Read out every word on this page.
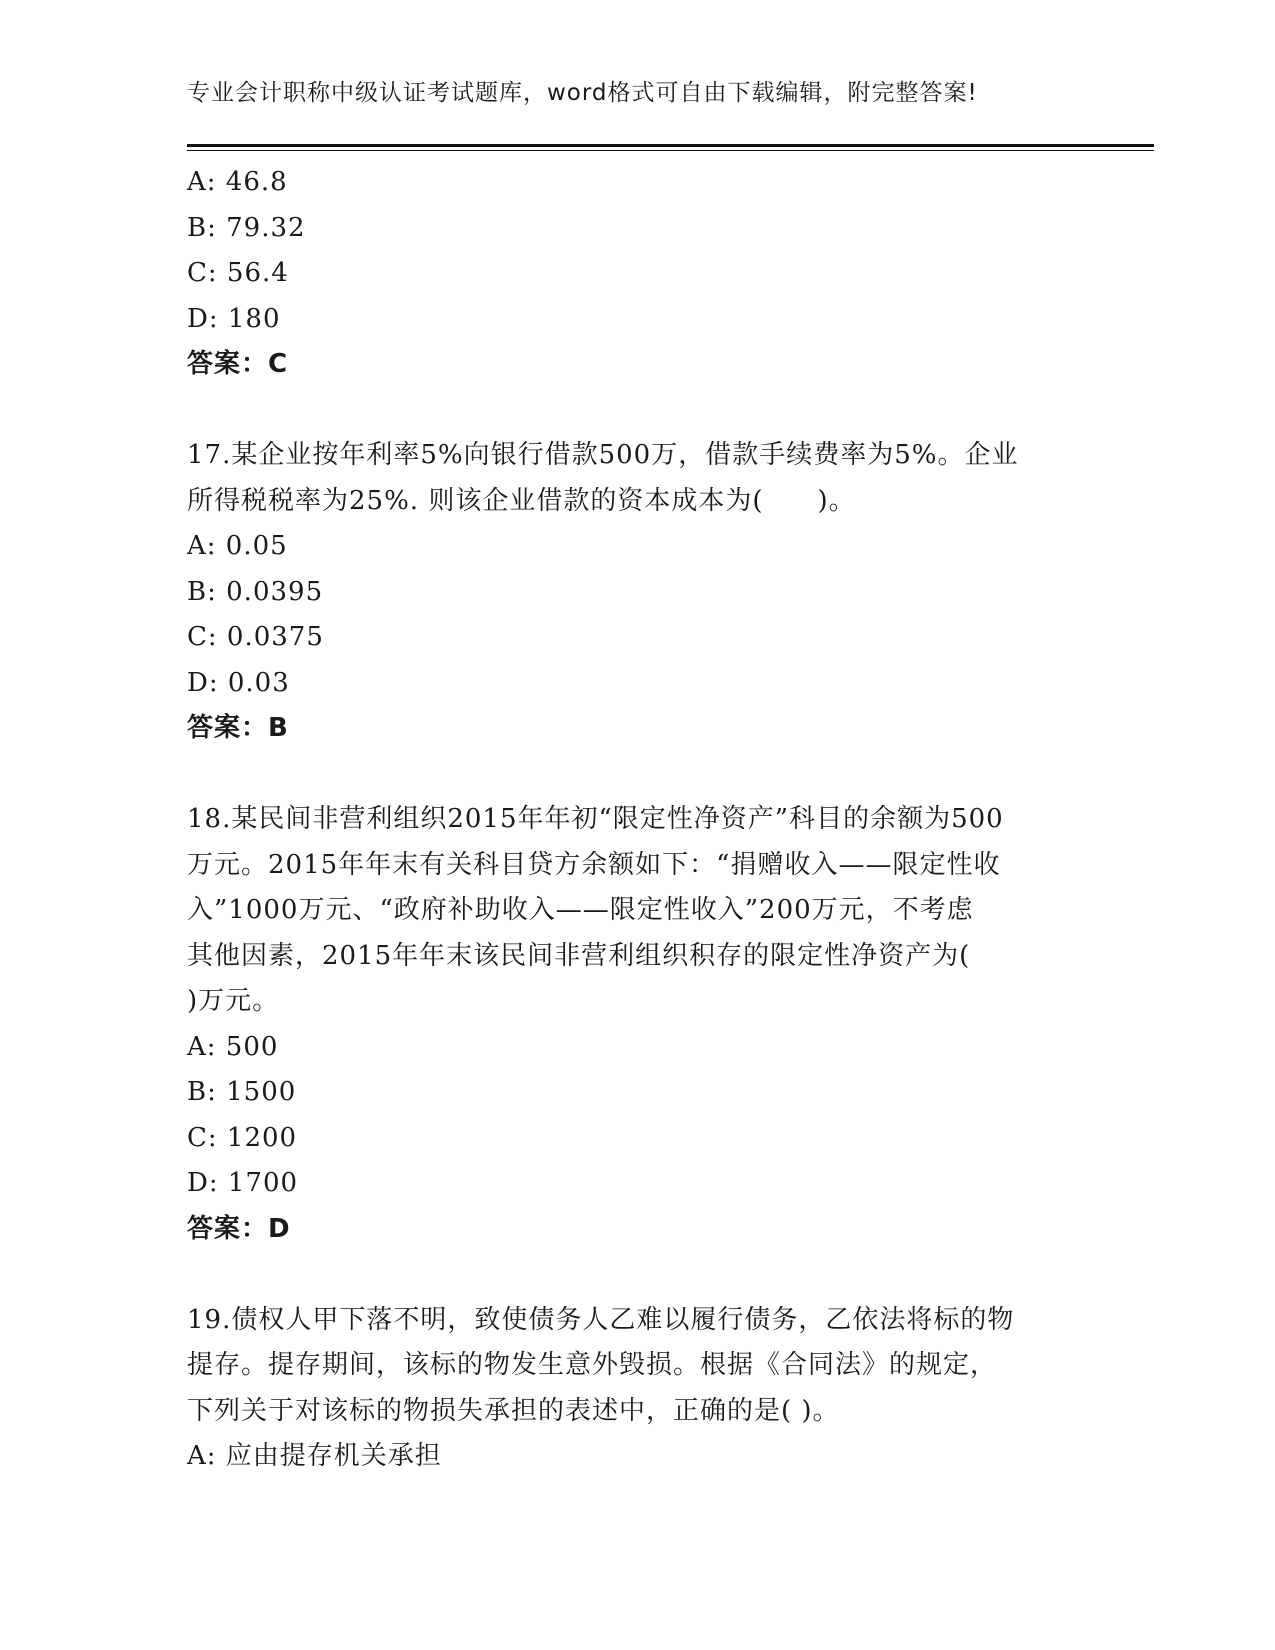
专业会计职称中级认证考试题库，word格式可自由下载编辑，附完整答案!
A: 46.8
B: 79.32
C: 56.4
D: 180
答案：C
17.某企业按年利率5%向银行借款500万，借款手续费率为5%。企业
所得税税率为25%. 则该企业借款的资本成本为(　　)。
A: 0.05
B: 0.0395
C: 0.0375
D: 0.03
答案：B
18.某民间非营利组织2015年年初“限定性净资产”科目的余额为500
万元。2015年年末有关科目贷方余额如下：“捐赠收入——限定性收
入”1000万元、“政府补助收入——限定性收入”200万元，不考虑
其他因素，2015年年末该民间非营利组织积存的限定性净资产为(
)万元。
A: 500
B: 1500
C: 1200
D: 1700
答案：D
19.债权人甲下落不明，致使债务人乙难以履行债务，乙依法将标的物
提存。提存期间，该标的物发生意外毁损。根据《合同法》的规定，
下列关于对该标的物损失承担的表述中，正确的是( )。
A: 应由提存机关承担
